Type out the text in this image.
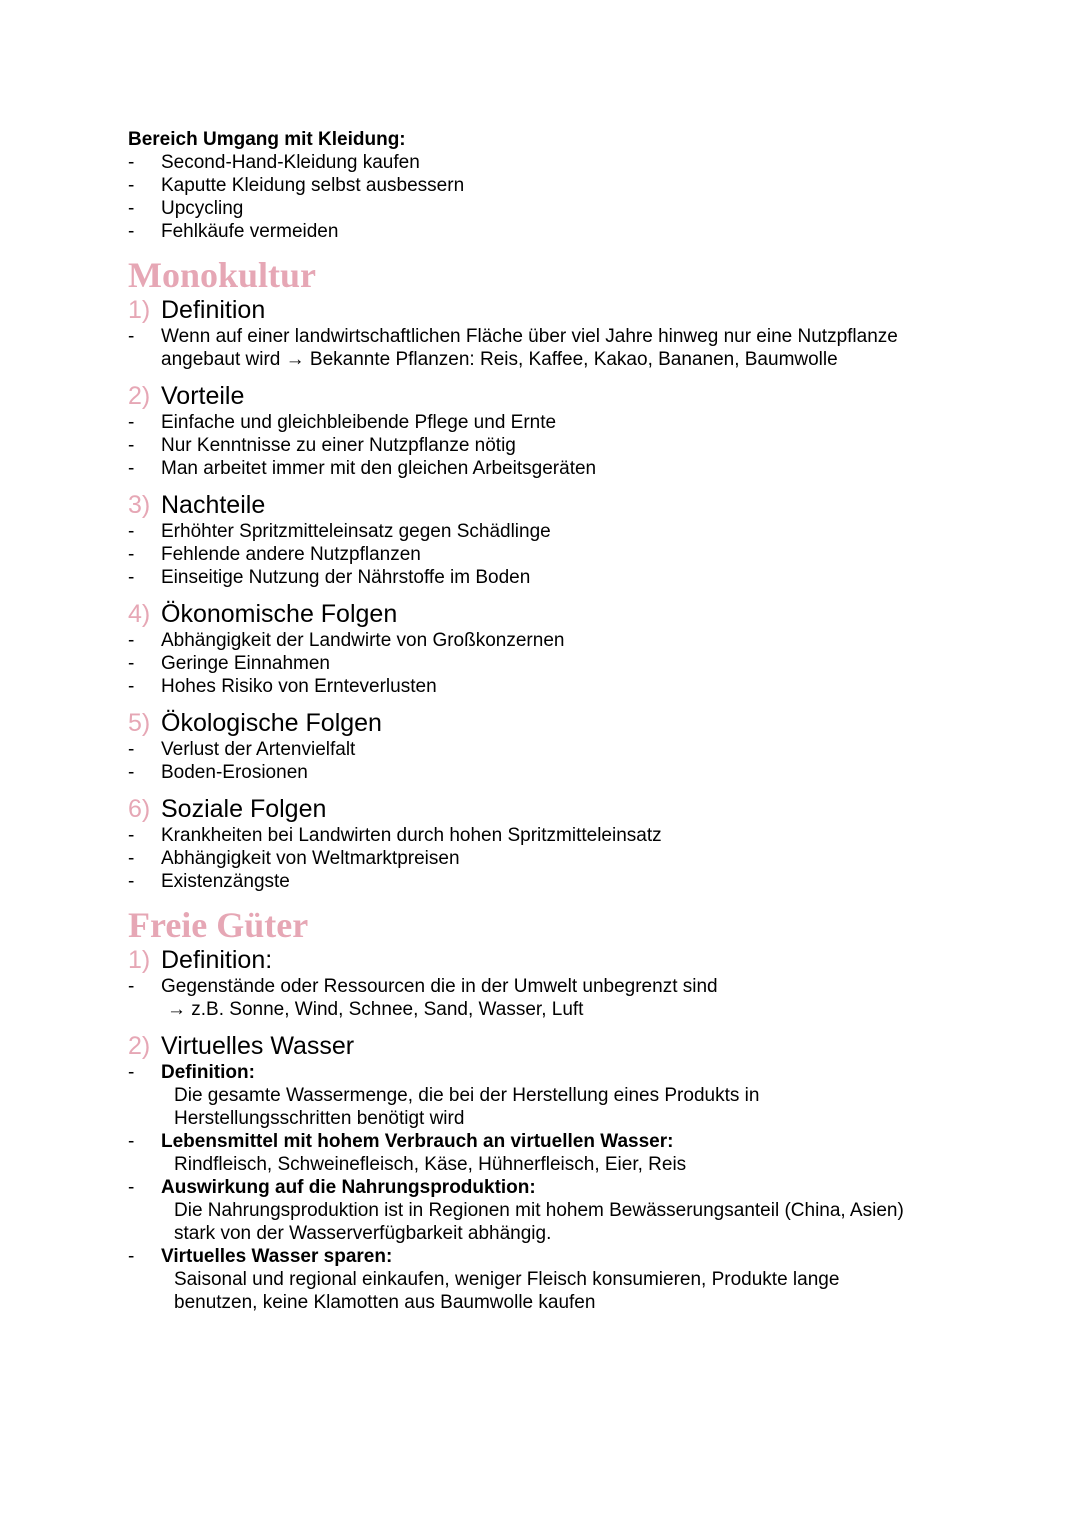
Bereich Umgang mit Kleidung:
- Second-Hand-Kleidung kaufen
- Kaputte Kleidung selbst ausbessern
- Upcycling
- Fehlkäufe vermeiden
Monokultur
1) Definition
- Wenn auf einer landwirtschaftlichen Fläche über viel Jahre hinweg nur eine Nutzpflanze
angebaut wird → Bekannte Pflanzen: Reis, Kaffee, Kakao, Bananen, Baumwolle
2) Vorteile
- Einfache und gleichbleibende Pflege und Ernte
- Nur Kenntnisse zu einer Nutzpflanze nötig
- Man arbeitet immer mit den gleichen Arbeitsgeräten
3) Nachteile
- Erhöhter Spritzmitteleinsatz gegen Schädlinge
- Fehlende andere Nutzpflanzen
- Einseitige Nutzung der Nährstoffe im Boden
4) Ökonomische Folgen
- Abhängigkeit der Landwirte von Großkonzernen
- Geringe Einnahmen
- Hohes Risiko von Ernteverlusten
5) Ökologische Folgen
- Verlust der Artenvielfalt
- Boden-Erosionen
6) Soziale Folgen
- Krankheiten bei Landwirten durch hohen Spritzmitteleinsatz
- Abhängigkeit von Weltmarktpreisen
- Existenzängste
Freie Güter
1) Definition:
- Gegenstände oder Ressourcen die in der Umwelt unbegrenzt sind
→ z.B. Sonne, Wind, Schnee, Sand, Wasser, Luft
2) Virtuelles Wasser
- Definition:
Die gesamte Wassermenge, die bei der Herstellung eines Produkts in
Herstellungsschritten benötigt wird
- Lebensmittel mit hohem Verbrauch an virtuellen Wasser:
Rindfleisch, Schweinefleisch, Käse, Hühnerfleisch, Eier, Reis
- Auswirkung auf die Nahrungsproduktion:
Die Nahrungsproduktion ist in Regionen mit hohem Bewässerungsanteil (China, Asien)
stark von der Wasserverfügbarkeit abhängig.
- Virtuelles Wasser sparen:
Saisonal und regional einkaufen, weniger Fleisch konsumieren, Produkte lange
benutzen, keine Klamotten aus Baumwolle kaufen
